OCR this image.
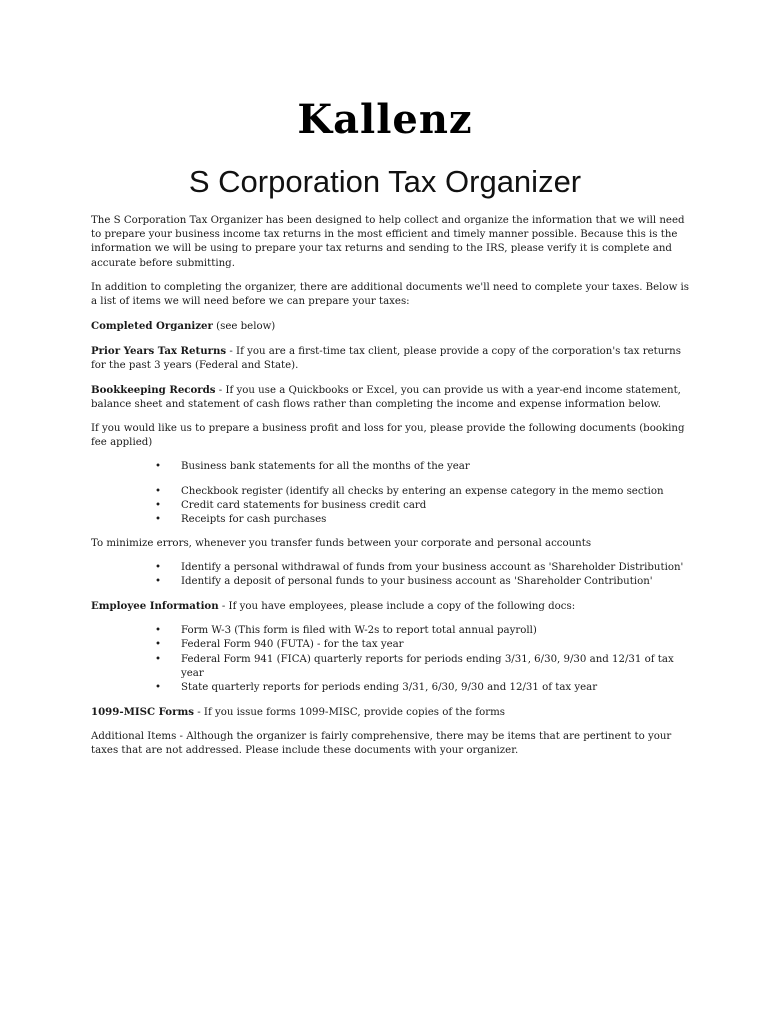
Kallenz
S Corporation Tax Organizer

The S Corporation Tax Organizer has been designed to help collect and organize the information that we will need to prepare your business income tax returns in the most efficient and timely manner possible. Because this is the information we will be using to prepare your tax returns and sending to the IRS, please verify it is complete and accurate before submitting.

In addition to completing the organizer, there are additional documents we'll need to complete your taxes. Below is a list of items we will need before we can prepare your taxes:

Completed Organizer (see below)

Prior Years Tax Returns - If you are a first-time tax client, please provide a copy of the corporation's tax returns for the past 3 years (Federal and State).

Bookkeeping Records - If you use a Quickbooks or Excel, you can provide us with a year-end income statement, balance sheet and statement of cash flows rather than completing the income and expense information below.

If you would like us to prepare a business profit and loss for you, please provide the following documents (booking fee applied)

• Business bank statements for all the months of the year
• Checkbook register (identify all checks by entering an expense category in the memo section
• Credit card statements for business credit card
• Receipts for cash purchases

To minimize errors, whenever you transfer funds between your corporate and personal accounts

• Identify a personal withdrawal of funds from your business account as 'Shareholder Distribution'
• Identify a deposit of personal funds to your business account as 'Shareholder Contribution'

Employee Information - If you have employees, please include a copy of the following docs:

• Form W-3 (This form is filed with W-2s to report total annual payroll)
• Federal Form 940 (FUTA) - for the tax year
• Federal Form 941 (FICA) quarterly reports for periods ending 3/31, 6/30, 9/30 and 12/31 of tax year
• State quarterly reports for periods ending 3/31, 6/30, 9/30 and 12/31 of tax year

1099-MISC Forms - If you issue forms 1099-MISC, provide copies of the forms

Additional Items - Although the organizer is fairly comprehensive, there may be items that are pertinent to your taxes that are not addressed. Please include these documents with your organizer.
